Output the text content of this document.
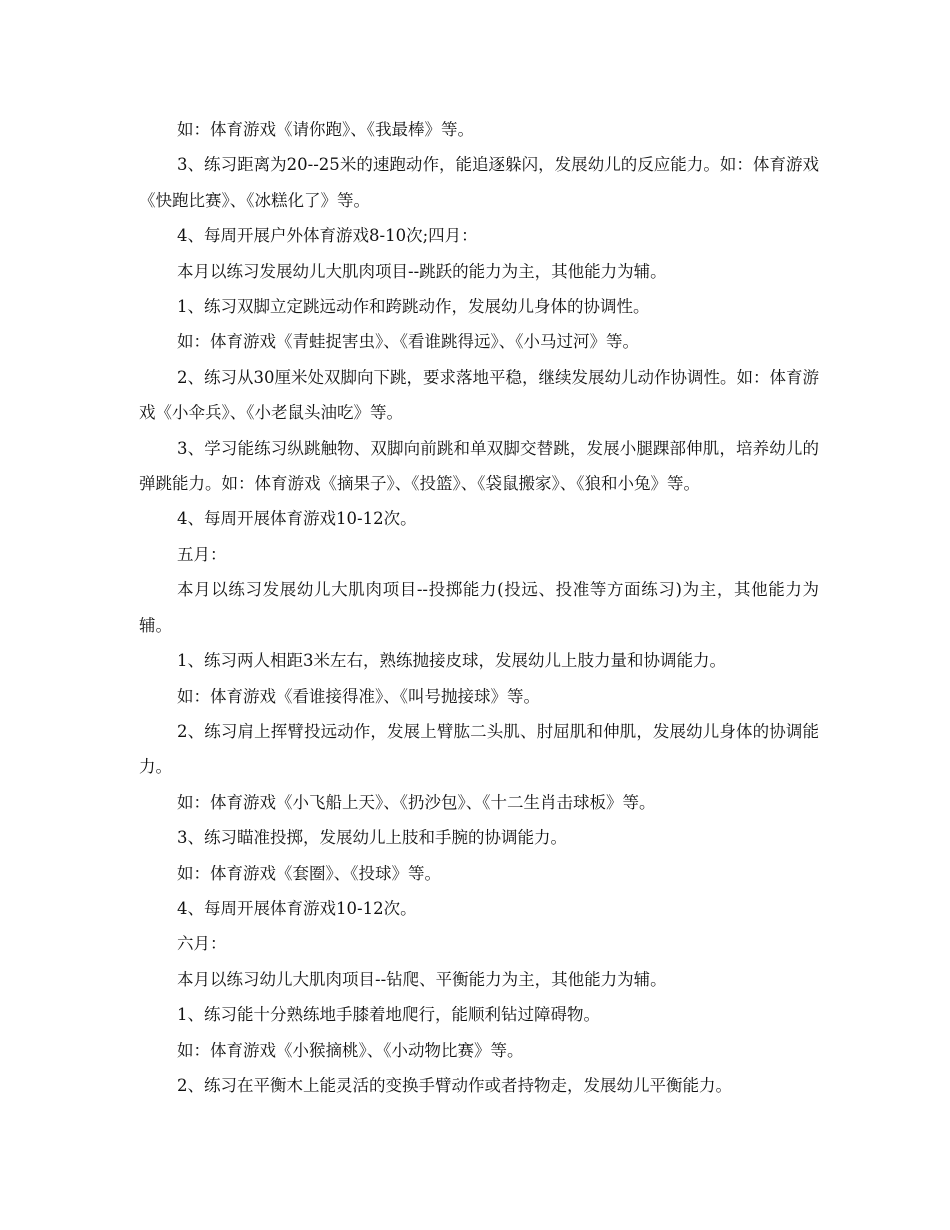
如：体育游戏《请你跑》、《我最棒》等。

3、练习距离为20--25米的速跑动作，能追逐躲闪，发展幼儿的反应能力。如：体育游戏《快跑比赛》、《冰糕化了》等。

4、每周开展户外体育游戏8-10次;四月：

本月以练习发展幼儿大肌肉项目--跳跃的能力为主，其他能力为辅。

1、练习双脚立定跳远动作和跨跳动作，发展幼儿身体的协调性。

如：体育游戏《青蛙捉害虫》、《看谁跳得远》、《小马过河》等。

2、练习从30厘米处双脚向下跳，要求落地平稳，继续发展幼儿动作协调性。如：体育游戏《小伞兵》、《小老鼠头油吃》等。

3、学习能练习纵跳触物、双脚向前跳和单双脚交替跳，发展小腿踝部伸肌，培养幼儿的弹跳能力。如：体育游戏《摘果子》、《投篮》、《袋鼠搬家》、《狼和小兔》等。

4、每周开展体育游戏10-12次。

五月：

本月以练习发展幼儿大肌肉项目--投掷能力(投远、投准等方面练习)为主，其他能力为辅。

1、练习两人相距3米左右，熟练抛接皮球，发展幼儿上肢力量和协调能力。

如：体育游戏《看谁接得准》、《叫号抛接球》等。

2、练习肩上挥臂投远动作，发展上臂肱二头肌、肘屈肌和伸肌，发展幼儿身体的协调能力。

如：体育游戏《小飞船上天》、《扔沙包》、《十二生肖击球板》等。

3、练习瞄准投掷，发展幼儿上肢和手腕的协调能力。

如：体育游戏《套圈》、《投球》等。

4、每周开展体育游戏10-12次。

六月：

本月以练习幼儿大肌肉项目--钻爬、平衡能力为主，其他能力为辅。

1、练习能十分熟练地手膝着地爬行，能顺利钻过障碍物。

如：体育游戏《小猴摘桃》、《小动物比赛》等。

2、练习在平衡木上能灵活的变换手臂动作或者持物走，发展幼儿平衡能力。
